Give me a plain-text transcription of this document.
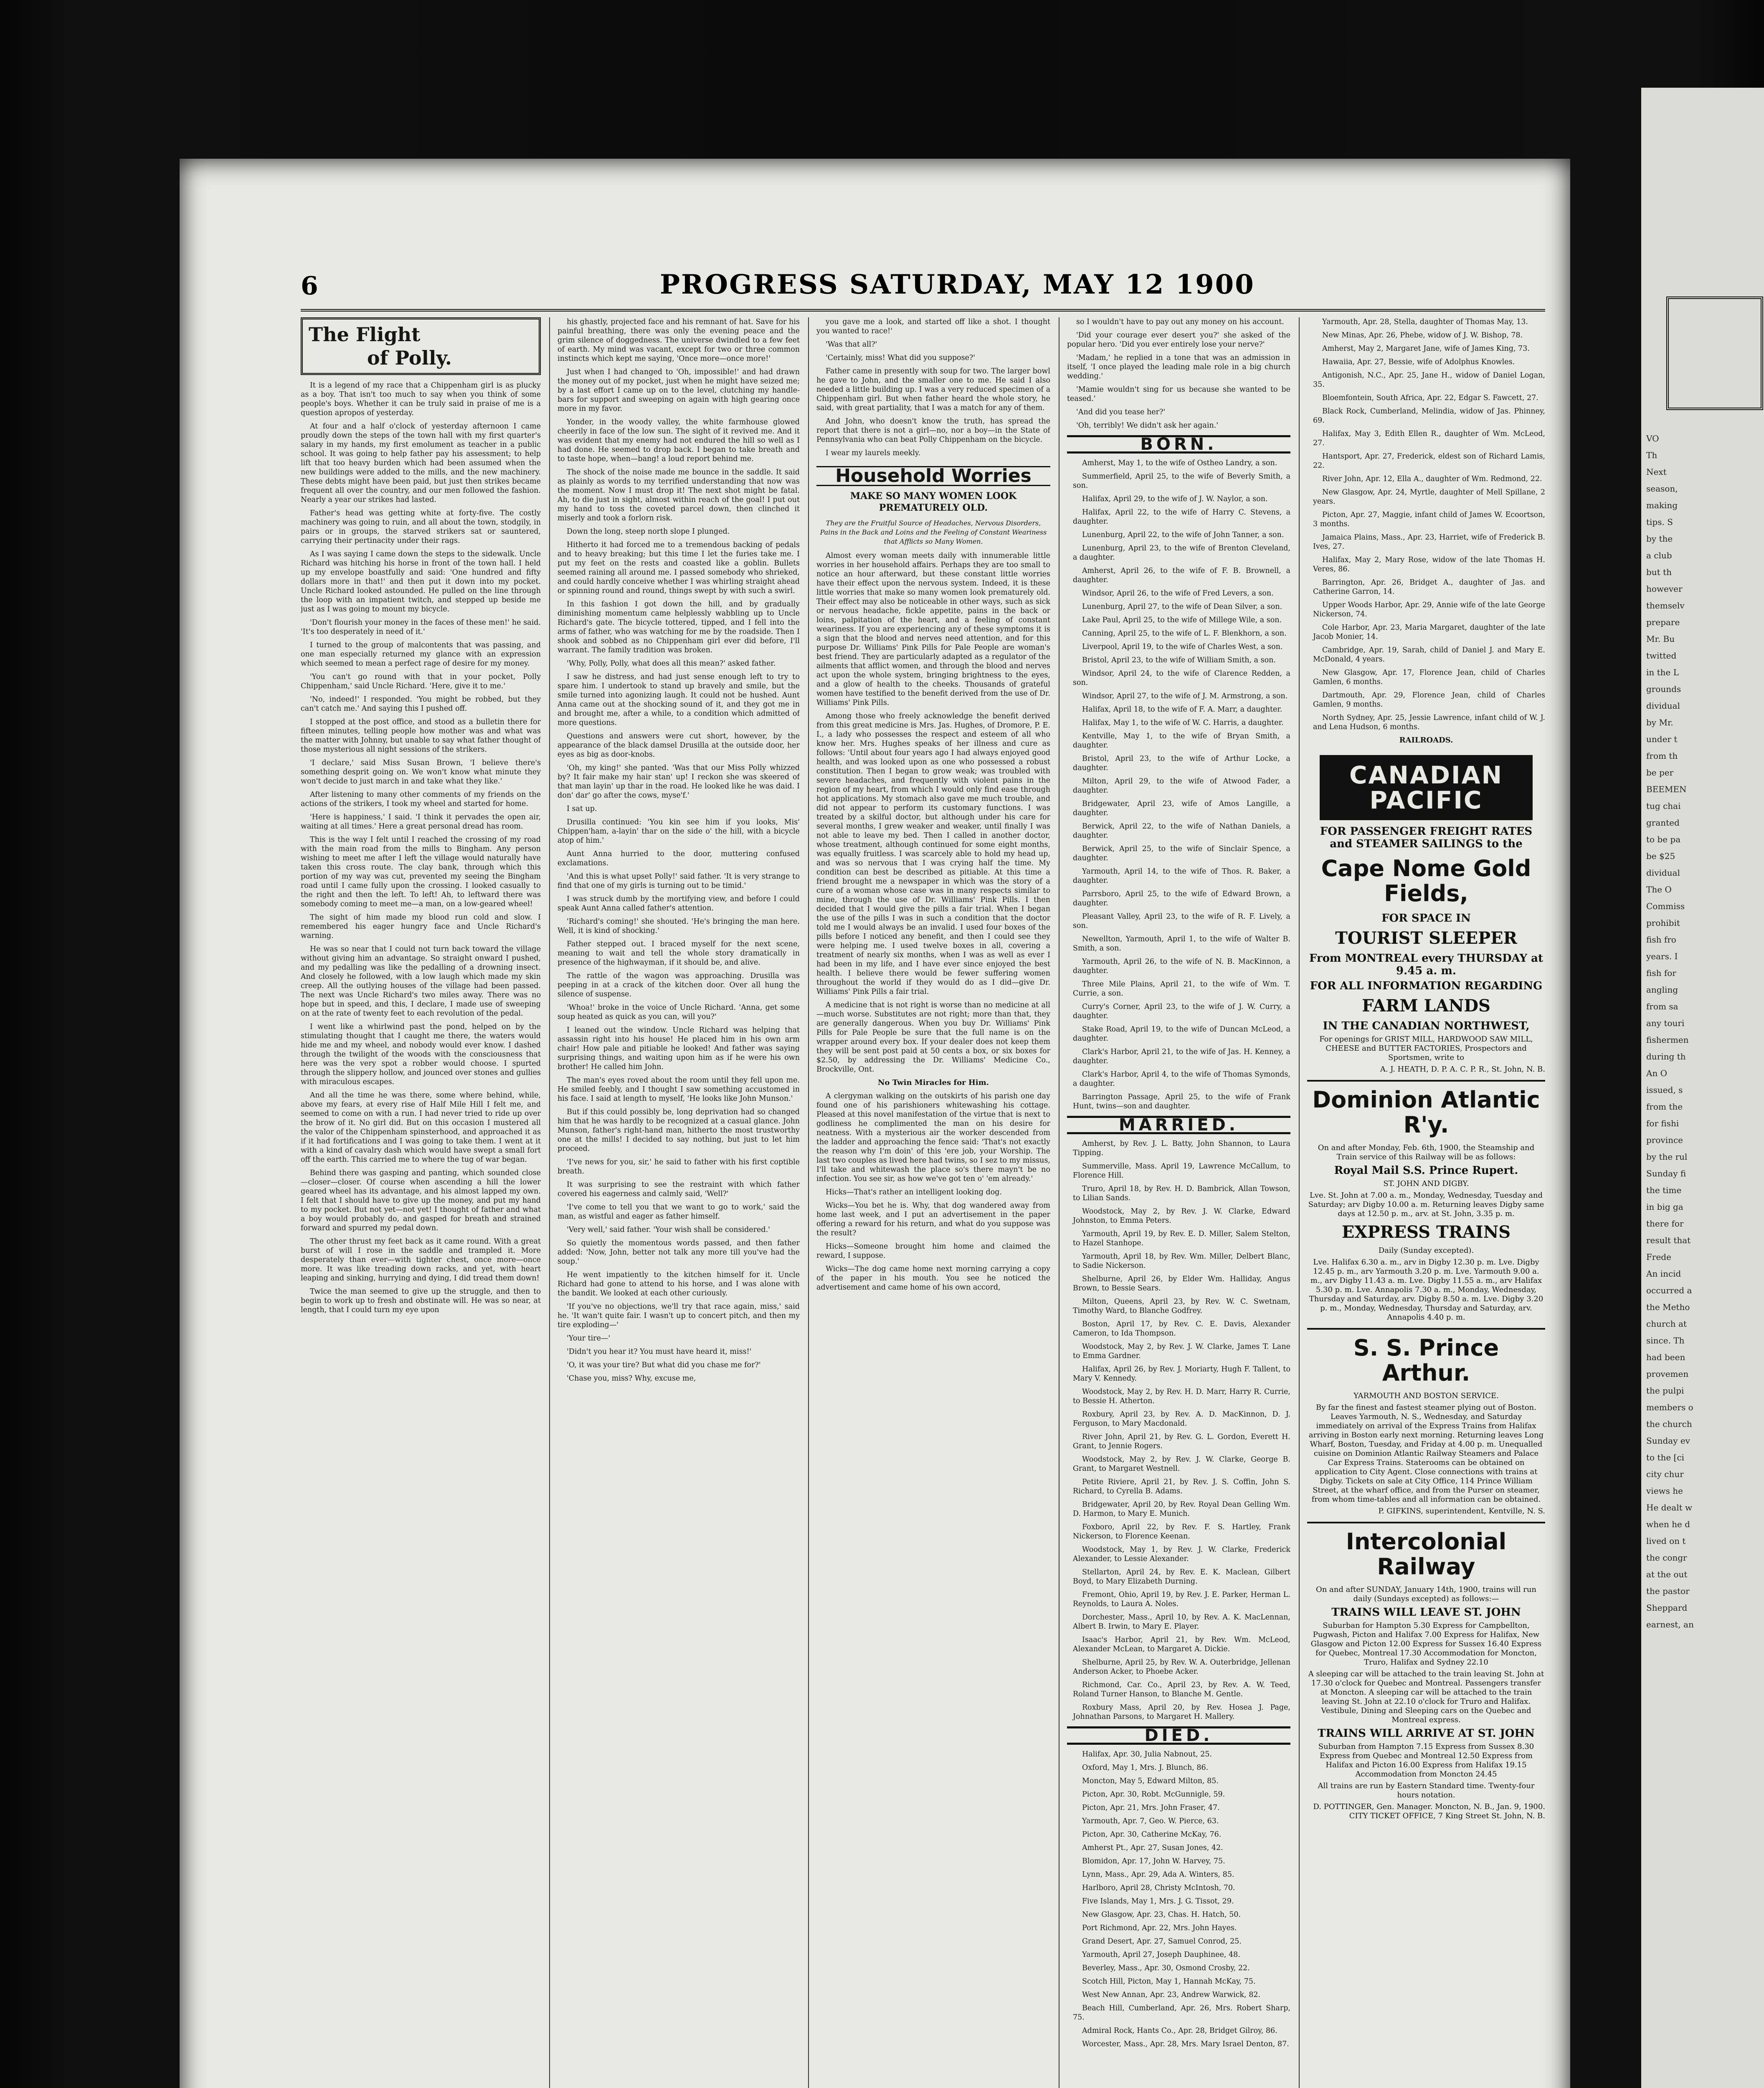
6	PROGRESS SATURDAY, MAY 12 1900
The Flight
of Polly.

It is a legend of my race that a Chippenham girl is as plucky as a boy. That isn't too much to say when you think of some people's boys. Whether it can be truly said in praise of me is a question apropos of yesterday.

At four and a half o'clock of yesterday afternoon I came proudly down the steps of the town hall with my first quarter's salary in my hands, my first emolument as teacher in a public school. It was going to help father pay his assessment; to help lift that too heavy burden which had been assumed when the new buildings were added to the mills, and the new machinery. These debts might have been paid, but just then strikes became frequent all over the country, and our men followed the fashion. Nearly a year our strikes had lasted.

Father's head was getting white at forty-five. The costly machinery was going to ruin, and all about the town, stodgily, in pairs or in groups, the starved strikers sat or sauntered, carrying their pertinacity under their rags.

As I was saying I came down the steps to the sidewalk. Uncle Richard was hitching his horse in front of the town hall. I held up my envelope boastfully and said: 'One hundred and fifty dollars more in that!' and then put it down into my pocket. Uncle Richard looked astounded. He pulled on the line through the loop with an impatient twitch, and stepped up beside me just as I was going to mount my bicycle.

'Don't flourish your money in the faces of these men!' he said. 'It's too desperately in need of it.'

I turned to the group of malcontents that was passing, and one man especially returned my glance with an expression which seemed to mean a perfect rage of desire for my money.

'You can't go round with that in your pocket, Polly Chippenham,' said Uncle Richard. 'Here, give it to me.'

'No, indeed!' I responded. 'You might be robbed, but they can't catch me.' And saying this I pushed off.

I stopped at the post office, and stood as a bulletin there for fifteen minutes, telling people how mother was and what was the matter with Johnny, but unable to say what father thought of those mysterious all night sessions of the strikers.

'I declare,' said Miss Susan Brown, 'I believe there's something desprit going on. We won't know what minute they won't decide to just march in and take what they like.'

After listening to many other comments of my friends on the actions of the strikers, I took my wheel and started for home.

'Here is happiness,' I said. 'I think it pervades the open air, waiting at all times.' Here a great personal dread has room.

This is the way I felt until I reached the crossing of my road with the main road from the mills to Bingham. Any person wishing to meet me after I left the village would naturally have taken this cross route. The clay bank, through which this portion of my way was cut, prevented my seeing the Bingham road until I came fully upon the crossing. I looked casually to the right and then the left. To left! Ah, to leftward there was somebody coming to meet me—a man, on a low-geared wheel!

The sight of him made my blood run cold and slow. I remembered his eager hungry face and Uncle Richard's warning.

He was so near that I could not turn back toward the village without giving him an advantage. So straight onward I pushed, and my pedalling was like the pedalling of a drowning insect. And closely he followed, with a low laugh which made my skin creep. All the outlying houses of the village had been passed. The next was Uncle Richard's two miles away. There was no hope but in speed, and this, I declare, I made use of sweeping on at the rate of twenty feet to each revolution of the pedal.

I went like a whirlwind past the pond, helped on by the stimulating thought that I caught me there, the waters would hide me and my wheel, and nobody would ever know. I dashed through the twilight of the woods with the consciousness that here was the very spot a robber would choose. I spurted through the slippery hollow, and jounced over stones and gullies with miraculous escapes.

And all the time he was there, some where behind, while, above my fears, at every rise of Half Mile Hill I felt me, and seemed to come on with a run. I had never tried to ride up over the brow of it. No girl did. But on this occasion I mustered all the valor of the Chippenham spinsterhood, and approached it as if it had fortifications and I was going to take them. I went at it with a kind of cavalry dash which would have swept a small fort off the earth. This carried me to where the tug of war began.

Behind there was gasping and panting, which sounded close—closer—closer. Of course when ascending a hill the lower geared wheel has its advantage, and his almost lapped my own. I felt that I should have to give up the money, and put my hand to my pocket. But not yet—not yet! I thought of father and what a boy would probably do, and gasped for breath and strained forward and spurred my pedal down.

The other thrust my feet back as it came round. With a great burst of will I rose in the saddle and trampled it. More desperately than ever—with tighter chest, once more—once more. It was like treading down racks, and yet, with heart leaping and sinking, hurrying and dying, I did tread them down!

Twice the man seemed to give up the struggle, and then to begin to work up to fresh and obstinate will. He was so near, at length, that I could turn my eye upon

his ghastly, projected face and his remnant of hat. Save for his painful breathing, there was only the evening peace and the grim silence of doggedness. The universe dwindled to a few feet of earth. My mind was vacant, except for two or three common instincts which kept me saying, 'Once more—once more!'

Just when I had changed to 'Oh, impossible!' and had drawn the money out of my pocket, just when he might have seized me; by a last effort I came up on to the level, clutching my handle-bars for support and sweeping on again with high gearing once more in my favor.

Yonder, in the woody valley, the white farmhouse glowed cheerily in face of the low sun. The sight of it revived me. And it was evident that my enemy had not endured the hill so well as I had done. He seemed to drop back. I began to take breath and to taste hope, when—bang! a loud report behind me.

The shock of the noise made me bounce in the saddle. It said as plainly as words to my terrified understanding that now was the moment. Now I must drop it! The next shot might be fatal. Ah, to die just in sight, almost within reach of the goal! I put out my hand to toss the coveted parcel down, then clinched it miserly and took a forlorn risk.

Down the long, steep north slope I plunged.

Hitherto it had forced me to a tremendous backing of pedals and to heavy breaking; but this time I let the furies take me. I put my feet on the rests and coasted like a goblin. Bullets seemed raining all around me. I passed somebody who shrieked, and could hardly conceive whether I was whirling straight ahead or spinning round and round, things swept by with such a swirl.

In this fashion I got down the hill, and by gradually diminishing momentum came helplessly wabbling up to Uncle Richard's gate. The bicycle tottered, tipped, and I fell into the arms of father, who was watching for me by the roadside. Then I shook and sobbed as no Chippenham girl ever did before, I'll warrant. The family tradition was broken.

'Why, Polly, Polly, what does all this mean?' asked father.

I saw he distress, and had just sense enough left to try to spare him. I undertook to stand up bravely and smile, but the smile turned into agonizing laugh. It could not be hushed. Aunt Anna came out at the shocking sound of it, and they got me in and brought me, after a while, to a condition which admitted of more questions.

Questions and answers were cut short, however, by the appearance of the black damsel Drusilla at the outside door, her eyes as big as door-knobs.

'Oh, my king!' she panted. 'Was that our Miss Polly whizzed by? It fair make my hair stan' up! I reckon she was skeered of that man layin' up thar in the road. He looked like he was daid. I don' dar' go after the cows, myse'f.'

I sat up.

Drusilla continued: 'You kin see him if you looks, Mis' Chippen'ham, a-layin' thar on the side o' the hill, with a bicycle atop of him.'

Aunt Anna hurried to the door, muttering confused exclamations.

'And this is what upset Polly!' said father. 'It is very strange to find that one of my girls is turning out to be timid.'

I was struck dumb by the mortifying view, and before I could speak Aunt Anna called father's attention.

'Richard's coming!' she shouted. 'He's bringing the man here. Well, it is kind of shocking.'

Father stepped out. I braced myself for the next scene, meaning to wait and tell the whole story dramatically in presence of the highwayman, if it should be, and alive.

The rattle of the wagon was approaching. Drusilla was peeping in at a crack of the kitchen door. Over all hung the silence of suspense.

'Whoa!' broke in the voice of Uncle Richard. 'Anna, get some soup heated as quick as you can, will you?'

I leaned out the window. Uncle Richard was helping that assassin right into his house! He placed him in his own arm chair! How pale and pitiable he looked! And father was saying surprising things, and waiting upon him as if he were his own brother! He called him John.

The man's eyes roved about the room until they fell upon me. He smiled feebly, and I thought I saw something accustomed in his face. I said at length to myself, 'He looks like John Munson.'

But if this could possibly be, long deprivation had so changed him that he was hardly to be recognized at a casual glance. John Munson, father's right-hand man, hitherto the most trustworthy one at the mills! I decided to say nothing, but just to let him proceed.

'I've news for you, sir,' he said to father with his first coptible breath.

It was surprising to see the restraint with which father covered his eagerness and calmly said, 'Well?'

'I've come to tell you that we want to go to work,' said the man, as wistful and eager as father himself.

'Very well,' said father. 'Your wish shall be considered.'

So quietly the momentous words passed, and then father added: 'Now, John, better not talk any more till you've had the soup.'

He went impatiently to the kitchen himself for it. Uncle Richard had gone to attend to his horse, and I was alone with the bandit. We looked at each other curiously.

'If you've no objections, we'll try that race again, miss,' said he. 'It wan't quite fair. I wasn't up to concert pitch, and then my tire exploding—'

'Your tire—'

'Didn't you hear it? You must have heard it, miss!'

'O, it was your tire? But what did you chase me for?'

'Chase you, miss? Why, excuse me,

you gave me a look, and started off like a shot. I thought you wanted to race!'

'Was that all?'

'Certainly, miss! What did you suppose?'

Father came in presently with soup for two. The larger bowl he gave to John, and the smaller one to me. He said I also needed a little building up. I was a very reduced specimen of a Chippenham girl. But when father heard the whole story, he said, with great partiality, that I was a match for any of them.

And John, who doesn't know the truth, has spread the report that there is not a girl—no, nor a boy—in the State of Pennsylvania who can beat Polly Chippenham on the bicycle.

I wear my laurels meekly.

Household Worries
MAKE SO MANY WOMEN LOOK PREMATURELY OLD.
They are the Fruitful Source of Headaches, Nervous Disorders, Pains in the Back and Loins and the Feeling of Constant Weariness that Afflicts so Many Women.

Almost every woman meets daily with innumerable little worries in her household affairs. Perhaps they are too small to notice an hour afterward, but these constant little worries have their effect upon the nervous system. Indeed, it is these little worries that make so many women look prematurely old. Their effect may also be noticeable in other ways, such as sick or nervous headache, fickle appetite, pains in the back or loins, palpitation of the heart, and a feeling of constant weariness. If you are experiencing any of these symptoms it is a sign that the blood and nerves need attention, and for this purpose Dr. Williams' Pink Pills for Pale People are woman's best friend. They are particularly adapted as a regulator of the ailments that afflict women, and through the blood and nerves act upon the whole system, bringing brightness to the eyes, and a glow of health to the cheeks. Thousands of grateful women have testified to the benefit derived from the use of Dr. Williams' Pink Pills.

Among those who freely acknowledge the benefit derived from this great medicine is Mrs. Jas. Hughes, of Dromore, P. E. I., a lady who possesses the respect and esteem of all who know her. Mrs. Hughes speaks of her illness and cure as follows: 'Until about four years ago I had always enjoyed good health, and was looked upon as one who possessed a robust constitution. Then I began to grow weak; was troubled with severe headaches, and frequently with violent pains in the region of my heart, from which I would only find ease through hot applications. My stomach also gave me much trouble, and did not appear to perform its customary functions. I was treated by a skilful doctor, but although under his care for several months, I grew weaker and weaker, until finally I was not able to leave my bed. Then I called in another doctor, whose treatment, although continued for some eight months, was equally fruitless. I was scarcely able to hold my head up, and was so nervous that I was crying half the time. My condition can best be described as pitiable. At this time a friend brought me a newspaper in which was the story of a cure of a woman whose case was in many respects similar to mine, through the use of Dr. Williams' Pink Pills. I then decided that I would give the pills a fair trial. When I began the use of the pills I was in such a condition that the doctor told me I would always be an invalid. I used four boxes of the pills before I noticed any benefit, and then I could see they were helping me. I used twelve boxes in all, covering a treatment of nearly six months, when I was as well as ever I had been in my life, and I have ever since enjoyed the best health. I believe there would be fewer suffering women throughout the world if they would do as I did—give Dr. Williams' Pink Pills a fair trial.

A medicine that is not right is worse than no medicine at all—much worse. Substitutes are not right; more than that, they are generally dangerous. When you buy Dr. Williams' Pink Pills for Pale People be sure that the full name is on the wrapper around every box. If your dealer does not keep them they will be sent post paid at 50 cents a box, or six boxes for $2.50, by addressing the Dr. Williams' Medicine Co., Brockville, Ont.

No Twin Miracles for Him.

A clergyman walking on the outskirts of his parish one day found one of his parishioners whitewashing his cottage. Pleased at this novel manifestation of the virtue that is next to godliness he complimented the man on his desire for neatness. With a mysterious air the worker descended from the ladder and approaching the fence said: 'That's not exactly the reason why I'm doin' of this 'ere job, your Worship. The last two couples as lived here had twins, so I sez to my missus, I'll take and whitewash the place so's there mayn't be no infection. You see sir, as how we've got ten o' 'em already.'

Hicks—That's rather an intelligent looking dog.

Wicks—You bet he is. Why, that dog wandered away from home last week, and I put an advertisement in the paper offering a reward for his return, and what do you suppose was the result?

Hicks—Someone brought him home and claimed the reward, I suppose.

Wicks—The dog came home next morning carrying a copy of the paper in his mouth. You see he noticed the advertisement and came home of his own accord,

so I wouldn't have to pay out any money on his account.

'Did your courage ever desert you?' she asked of the popular hero. 'Did you ever entirely lose your nerve?'

'Madam,' he replied in a tone that was an admission in itself, 'I once played the leading male role in a big church wedding.'

'Mamie wouldn't sing for us because she wanted to be teased.'

'And did you tease her?'

'Oh, terribly! We didn't ask her again.'

BORN.

Amherst, May 1, to the wife of Ostheo Landry, a son.

Summerfield, April 25, to the wife of Beverly Smith, a son.

Halifax, April 29, to the wife of J. W. Naylor, a son.

Halifax, April 22, to the wife of Harry C. Stevens, a daughter.

Lunenburg, April 22, to the wife of John Tanner, a son.

Lunenburg, April 23, to the wife of Brenton Cleveland, a daughter.

Amherst, April 26, to the wife of F. B. Brownell, a daughter.

Windsor, April 26, to the wife of Fred Levers, a son.

Lunenburg, April 27, to the wife of Dean Silver, a son.

Lake Paul, April 25, to the wife of Millege Wile, a son.

Canning, April 25, to the wife of L. F. Blenkhorn, a son.

Liverpool, April 19, to the wife of Charles West, a son.

Bristol, April 23, to the wife of William Smith, a son.

Windsor, April 24, to the wife of Clarence Redden, a son.

Windsor, April 27, to the wife of J. M. Armstrong, a son.

Halifax, April 18, to the wife of F. A. Marr, a daughter.

Halifax, May 1, to the wife of W. C. Harris, a daughter.

Kentville, May 1, to the wife of Bryan Smith, a daughter.

Bristol, April 23, to the wife of Arthur Locke, a daughter.

Milton, April 29, to the wife of Atwood Fader, a daughter.

Bridgewater, April 23, wife of Amos Langille, a daughter.

Berwick, April 22, to the wife of Nathan Daniels, a daughter.

Berwick, April 25, to the wife of Sinclair Spence, a daughter.

Yarmouth, April 14, to the wife of Thos. R. Baker, a daughter.

Parrsboro, April 25, to the wife of Edward Brown, a daughter.

Pleasant Valley, April 23, to the wife of R. F. Lively, a son.

Newellton, Yarmouth, April 1, to the wife of Walter B. Smith, a son.

Yarmouth, April 26, to the wife of N. B. MacKinnon, a daughter.

Three Mile Plains, April 21, to the wife of Wm. T. Currie, a son.

Curry's Corner, April 23, to the wife of J. W. Curry, a daughter.

Stake Road, April 19, to the wife of Duncan McLeod, a daughter.

Clark's Harbor, April 21, to the wife of Jas. H. Kenney, a daughter.

Clark's Harbor, April 4, to the wife of Thomas Symonds, a daughter.

Barrington Passage, April 25, to the wife of Frank Hunt, twins—son and daughter.

MARRIED.

Amherst, by Rev. J. L. Batty, John Shannon, to Laura Tipping.

Summerville, Mass. April 19, Lawrence McCallum, to Florence Hill.

Truro, April 18, by Rev. H. D. Bambrick, Allan Towson, to Lilian Sands.

Woodstock, May 2, by Rev. J. W. Clarke, Edward Johnston, to Emma Peters.

Yarmouth, April 19, by Rev. E. D. Miller, Salem Stelton, to Hazel Stanhope.

Yarmouth, April 18, by Rev. Wm. Miller, Delbert Blanc, to Sadie Nickerson.

Shelburne, April 26, by Elder Wm. Halliday, Angus Brown, to Bessie Sears.

Milton, Queens, April 23, by Rev. W. C. Swetnam, Timothy Ward, to Blanche Godfrey.

Boston, April 17, by Rev. C. E. Davis, Alexander Cameron, to Ida Thompson.

Woodstock, May 2, by Rev. J. W. Clarke, James T. Lane to Emma Gardner.

Halifax, April 26, by Rev. J. Moriarty, Hugh F. Tallent, to Mary V. Kennedy.

Woodstock, May 2, by Rev. H. D. Marr, Harry R. Currie, to Bessie H. Atherton.

Roxbury, April 23, by Rev. A. D. MacKinnon, D. J. Ferguson, to Mary Macdonald.

River John, April 21, by Rev. G. L. Gordon, Everett H. Grant, to Jennie Rogers.

Woodstock, May 2, by Rev. J. W. Clarke, George B. Grant, to Margaret Westnell.

Petite Riviere, April 21, by Rev. J. S. Coffin, John S. Richard, to Cyrella B. Adams.

Bridgewater, April 20, by Rev. Royal Dean Gelling Wm. D. Harmon, to Mary E. Munich.

Foxboro, April 22, by Rev. F. S. Hartley, Frank Nickerson, to Florence Keenan.

Woodstock, May 1, by Rev. J. W. Clarke, Frederick Alexander, to Lessie Alexander.

Stellarton, April 24, by Rev. E. K. Maclean, Gilbert Boyd, to Mary Elizabeth Durning.

Fremont, Ohio, April 19, by Rev. J. E. Parker, Herman L. Reynolds, to Laura A. Noles.

Dorchester, Mass., April 10, by Rev. A. K. MacLennan, Albert B. Irwin, to Mary E. Player.

Isaac's Harbor, April 21, by Rev. Wm. McLeod, Alexander McLean, to Margaret A. Dickie.

Shelburne, April 25, by Rev. W. A. Outerbridge, Jellenan Anderson Acker, to Phoebe Acker.

Richmond, Car. Co., April 23, by Rev. A. W. Teed, Roland Turner Hanson, to Blanche M. Gentle.

Roxbury Mass, April 20, by Rev. Hosea J. Page, Johnathan Parsons, to Margaret H. Mallery.

DIED.

Halifax, Apr. 30, Julia Nabnout, 25.

Oxford, May 1, Mrs. J. Blunch, 86.

Moncton, May 5, Edward Milton, 85.

Picton, Apr. 30, Robt. McGunnigle, 59.

Picton, Apr. 21, Mrs. John Fraser, 47.

Yarmouth, Apr. 7, Geo. W. Pierce, 63.

Picton, Apr. 30, Catherine McKay, 76.

Amherst Pt., Apr. 27, Susan Jones, 42.

Blomidon, Apr. 17, John W. Harvey, 75.

Lynn, Mass., Apr. 29, Ada A. Winters, 85.

Harlboro, April 28, Christy McIntosh, 70.

Five Islands, May 1, Mrs. J. G. Tissot, 29.

New Glasgow, Apr. 23, Chas. H. Hatch, 50.

Port Richmond, Apr. 22, Mrs. John Hayes.

Grand Desert, Apr. 27, Samuel Conrod, 25.

Yarmouth, April 27, Joseph Dauphinee, 48.

Beverley, Mass., Apr. 30, Osmond Crosby, 22.

Scotch Hill, Picton, May 1, Hannah McKay, 75.

West New Annan, Apr. 23, Andrew Warwick, 82.

Beach Hill, Cumberland, Apr. 26, Mrs. Robert Sharp, 75.

Admiral Rock, Hants Co., Apr. 28, Bridget Gilroy, 86.

Worcester, Mass., Apr. 28, Mrs. Mary Israel Denton, 87.

Yarmouth, Apr. 28, Stella, daughter of Thomas May, 13.

New Minas, Apr. 26, Phebe, widow of J. W. Bishop, 78.

Amherst, May 2, Margaret Jane, wife of James King, 73.

Hawaiia, Apr. 27, Bessie, wife of Adolphus Knowles.

Antigonish, N.C., Apr. 25, Jane H., widow of Daniel Logan, 35.

Bloemfontein, South Africa, Apr. 22, Edgar S. Fawcett, 27.

Black Rock, Cumberland, Melindia, widow of Jas. Phinney, 69.

Halifax, May 3, Edith Ellen R., daughter of Wm. McLeod, 27.

Hantsport, Apr. 27, Frederick, eldest son of Richard Lamis, 22.

River John, Apr. 12, Ella A., daughter of Wm. Redmond, 22.

New Glasgow, Apr. 24, Myrtle, daughter of Mell Spillane, 2 years.

Picton, Apr. 27, Maggie, infant child of James W. Ecoortson, 3 months.

Jamaica Plains, Mass., Apr. 23, Harriet, wife of Frederick B. Ives, 27.

Halifax, May 2, Mary Rose, widow of the late Thomas H. Veres, 86.

Barrington, Apr. 26, Bridget A., daughter of Jas. and Catherine Garron, 14.

Upper Woods Harbor, Apr. 29, Annie wife of the late George Nickerson, 74.

Cole Harbor, Apr. 23, Maria Margaret, daughter of the late Jacob Monier, 14.

Cambridge, Apr. 19, Sarah, child of Daniel J. and Mary E. McDonald, 4 years.

New Glasgow, Apr. 17, Florence Jean, child of Charles Gamlen, 6 months.

Dartmouth, Apr. 29, Florence Jean, child of Charles Gamlen, 9 months.

North Sydney, Apr. 25, Jessie Lawrence, infant child of W. J. and Lena Hudson, 6 months.

RAILROADS.
CANADIAN
PACIFIC
FOR PASSENGER FREIGHT RATES and STEAMER SAILINGS to the
Cape Nome Gold Fields,
FOR SPACE IN
TOURIST SLEEPER
From MONTREAL every THURSDAY at 9.45 a. m.
FOR ALL INFORMATION REGARDING
FARM LANDS
IN THE CANADIAN NORTHWEST,
For openings for GRIST MILL, HARDWOOD SAW MILL, CHEESE and BUTTER FACTORIES, Prospectors and Sportsmen, write to
A. J. HEATH, D. P. A. C. P. R., St. John, N. B.
Dominion Atlantic R'y.
On and after Monday, Feb. 6th, 1900, the Steamship and Train service of this Railway will be as follows:
Royal Mail S.S. Prince Rupert.
ST. JOHN AND DIGBY.
Lve. St. John at 7.00 a. m., Monday, Wednesday, Tuesday and Saturday; arv Digby 10.00 a. m. Returning leaves Digby same days at 12.50 p. m., arv. at St. John, 3.35 p. m.
EXPRESS TRAINS
Daily (Sunday excepted).
Lve. Halifax 6.30 a. m., arv in Digby 12.30 p. m. Lve. Digby 12.45 p. m., arv Yarmouth 3.20 p. m. Lve. Yarmouth 9.00 a. m., arv Digby 11.43 a. m. Lve. Digby 11.55 a. m., arv Halifax 5.30 p. m. Lve. Annapolis 7.30 a. m., Monday, Wednesday, Thursday and Saturday, arv. Digby 8.50 a. m. Lve. Digby 3.20 p. m., Monday, Wednesday, Thursday and Saturday, arv. Annapolis 4.40 p. m.
S. S. Prince Arthur.
YARMOUTH AND BOSTON SERVICE.
By far the finest and fastest steamer plying out of Boston. Leaves Yarmouth, N. S., Wednesday, and Saturday immediately on arrival of the Express Trains from Halifax arriving in Boston early next morning. Returning leaves Long Wharf, Boston, Tuesday, and Friday at 4.00 p. m. Unequalled cuisine on Dominion Atlantic Railway Steamers and Palace Car Express Trains. Staterooms can be obtained on application to City Agent. Close connections with trains at Digby. Tickets on sale at City Office, 114 Prince William Street, at the wharf office, and from the Purser on steamer, from whom time-tables and all information can be obtained.
P. GIFKINS, superintendent, Kentville, N. S.
Intercolonial Railway
On and after SUNDAY, January 14th, 1900, trains will run daily (Sundays excepted) as follows:—
TRAINS WILL LEAVE ST. JOHN
Suburban for Hampton 5.30 Express for Campbellton, Pugwash, Picton and Halifax 7.00 Express for Halifax, New Glasgow and Picton 12.00 Express for Sussex 16.40 Express for Quebec, Montreal 17.30 Accommodation for Moncton, Truro, Halifax and Sydney 22.10
A sleeping car will be attached to the train leaving St. John at 17.30 o'clock for Quebec and Montreal. Passengers transfer at Moncton. A sleeping car will be attached to the train leaving St. John at 22.10 o'clock for Truro and Halifax. Vestibule, Dining and Sleeping cars on the Quebec and Montreal express.
TRAINS WILL ARRIVE AT ST. JOHN
Suburban from Hampton 7.15 Express from Sussex 8.30 Express from Quebec and Montreal 12.50 Express from Halifax and Picton 16.00 Express from Halifax 19.15 Accommodation from Moncton 24.45
All trains are run by Eastern Standard time. Twenty-four hours notation.
D. POTTINGER, Gen. Manager. Moncton, N. B., Jan. 9, 1900. CITY TICKET OFFICE, 7 King Street St. John, N. B.
VO
Th
Next
season,
making
tips. S
by the
a club
but th
however
themselv
prepare
Mr. Bu
twitted
in the L
grounds
dividual
by Mr.
under t
from th
be per
BEEMEN
tug chai
granted
to be pa
be $25
dividual
The O
Commiss
prohibit
fish fro
years. I
fish for
angling
from sa
any touri
fishermen
during th
An O
issued, s
from the
for fishi
province
by the rul
Sunday fi
the time
in big ga
there for
result that
Frede
An incid
occurred a
the Metho
church at
since. Th
had been
provemen
the pulpi
members o
the church
Sunday ev
to the [ci
city chur
views he
He dealt w
when he d
lived on t
the congr
at the out
the pastor
Sheppard
earnest, an
